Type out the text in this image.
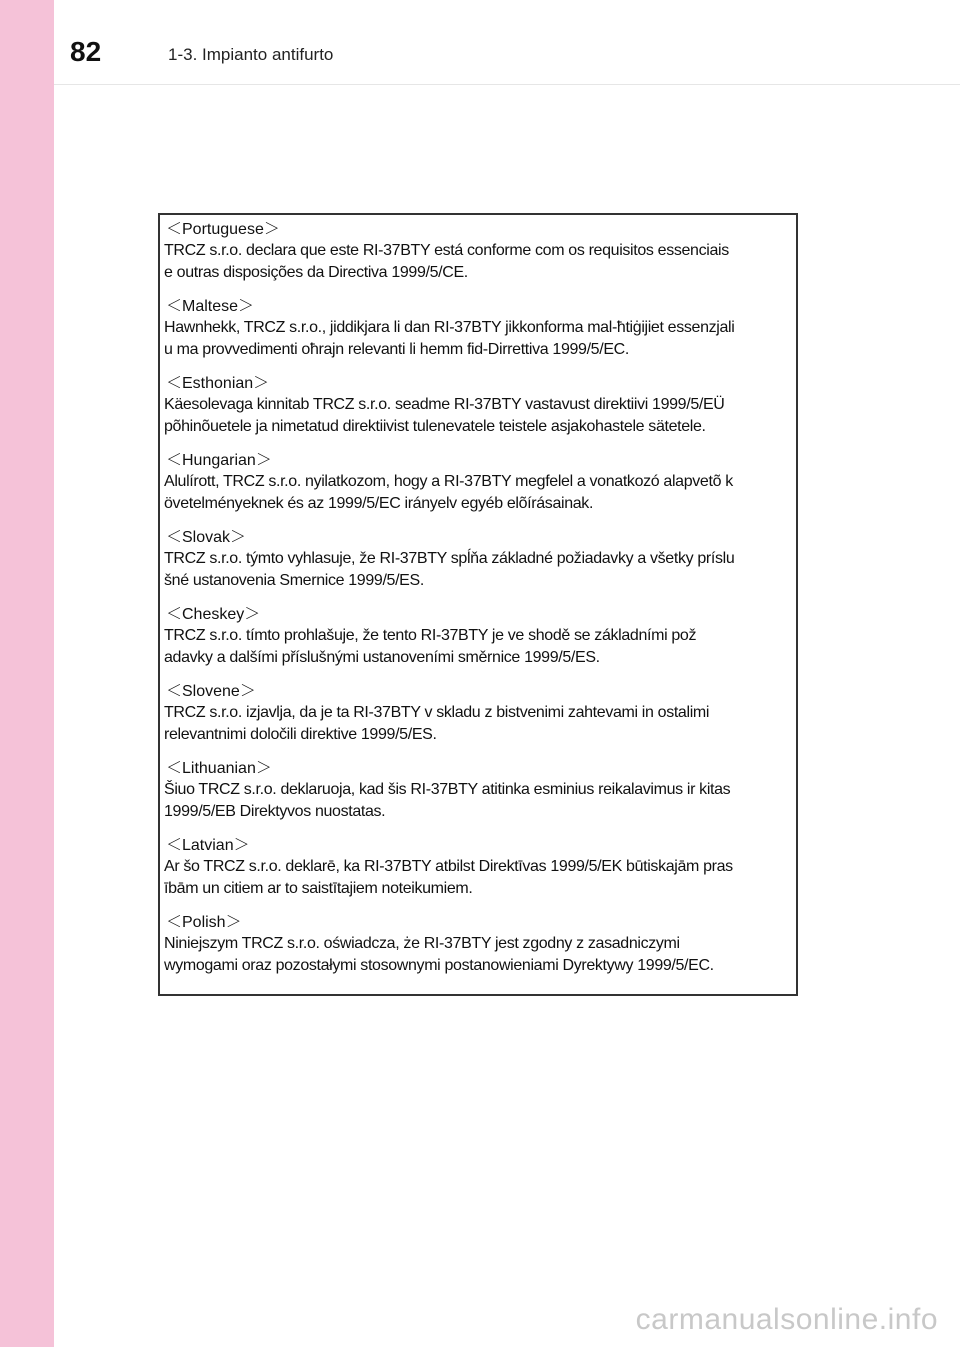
82	1-3. Impianto antifurto
＜Portuguese＞
TRCZ s.r.o. declara que este RI-37BTY está conforme com os requisitos essenciais
e outras disposições da Directiva 1999/5/CE.
＜Maltese＞
Hawnhekk, TRCZ s.r.o., jiddikjara li dan RI-37BTY jikkonforma mal-ħtiġijiet essenzjali
u ma provvedimenti oħrajn relevanti li hemm fid-Dirrettiva 1999/5/EC.
＜Esthonian＞
Käesolevaga kinnitab TRCZ s.r.o. seadme RI-37BTY vastavust direktiivi 1999/5/EÜ
põhinõuetele ja nimetatud direktiivist tulenevatele teistele asjakohastele sätetele.
＜Hungarian＞
Alulírott, TRCZ s.r.o. nyilatkozom, hogy a RI-37BTY megfelel a vonatkozó alapvetõ k
övetelményeknek és az 1999/5/EC irányelv egyéb elõírásainak.
＜Slovak＞
TRCZ s.r.o. týmto vyhlasuje, že RI-37BTY spĺňa základné požiadavky a všetky príslu
šné ustanovenia Smernice 1999/5/ES.
＜Cheskey＞
TRCZ s.r.o. tímto prohlašuje, že tento RI-37BTY je ve shodě se základními pož
adavky a dalšími příslušnými ustanoveními směrnice 1999/5/ES.
＜Slovene＞
TRCZ s.r.o. izjavlja, da je ta RI-37BTY v skladu z bistvenimi zahtevami in ostalimi
relevantnimi določili direktive 1999/5/ES.
＜Lithuanian＞
Šiuo TRCZ s.r.o. deklaruoja, kad šis RI-37BTY atitinka esminius reikalavimus ir kitas
1999/5/EB Direktyvos nuostatas.
＜Latvian＞
Ar šo TRCZ s.r.o. deklarē, ka RI-37BTY atbilst Direktīvas 1999/5/EK būtiskajām pras
ībām un citiem ar to saistītajiem noteikumiem.
＜Polish＞
Niniejszym TRCZ s.r.o. oświadcza, że RI-37BTY jest zgodny z zasadniczymi
wymogami oraz pozostałymi stosownymi postanowieniami Dyrektywy 1999/5/EC.
carmanualsonline.info
